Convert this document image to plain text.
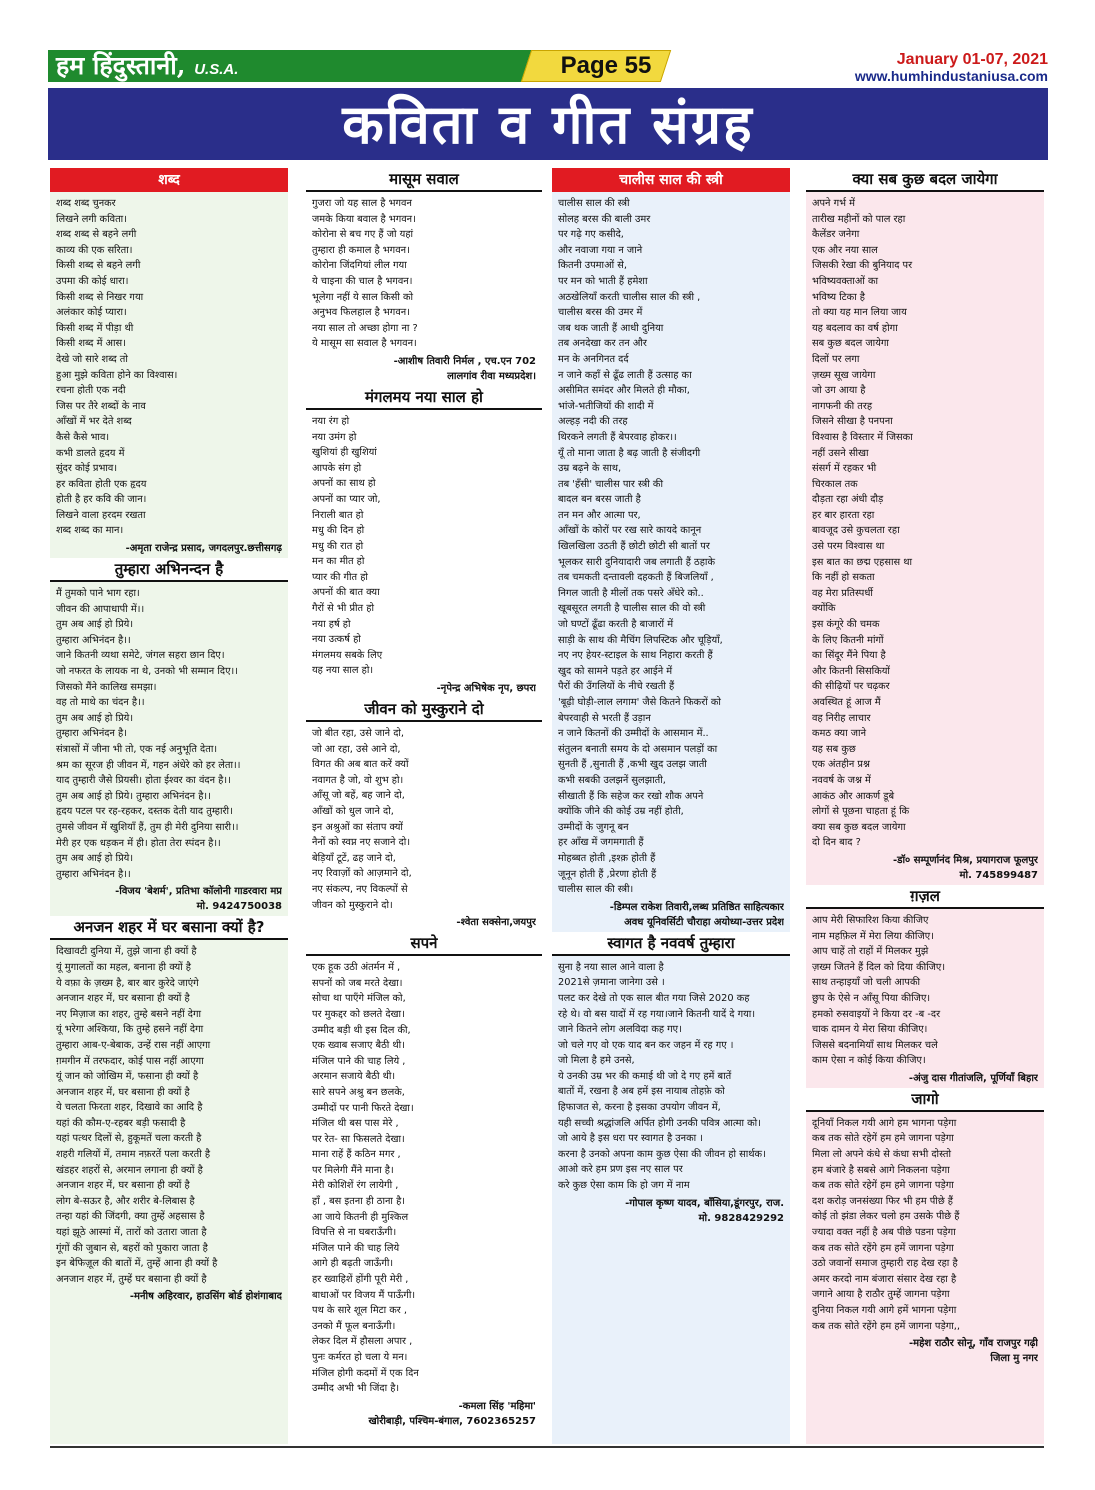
हम हिंदुस्तानी, U.S.A.	Page 55	January 01-07, 2021
www.humhindustaniusa.com
कविता व गीत संग्रह
शब्द
शब्द शब्द चुनकर
लिखने लगी कविता।
शब्द शब्द से बहने लगी
काव्य की एक सरिता।
किसी शब्द से बहने लगी
उपमा की कोई धारा।
किसी शब्द से निखर गया
अलंकार कोई प्यारा।
किसी शब्द में पीड़ा थी
किसी शब्द में आस।
देखे जो सारे शब्द तो
हुआ मुझे कविता होने का विश्वास।
रचना होती एक नदी
जिस पर तैरे शब्दों के नाव
आँखों में भर देते शब्द
कैसे कैसे भाव।
कभी डालते हृदय में
सुंदर कोई प्रभाव।
हर कविता होती एक हृदय
होती है हर कवि की जान।
लिखने वाला हरदम रखता
शब्द शब्द का मान।
-अमृता राजेन्द्र प्रसाद, जगदलपुर.छत्तीसगढ़
तुम्हारा अभिनन्दन है
मैं तुमको पाने भाग रहा।
जीवन की आपाधापी में।।
तुम अब आई हो प्रिये।
तुम्हारा अभिनंदन है।।
जाने कितनी व्यथा समेटे, जंगल सहरा छान दिए।
जो नफरत के लायक ना थे, उनको भी सम्मान दिए।।
जिसको मैंने कालिख समझा।
वह तो माथे का चंदन है।।
तुम अब आई हो प्रिये।
तुम्हारा अभिनंदन है।
संत्रासों में जीना भी तो, एक नई अनुभूति देता।
श्रम का सूरज ही जीवन में, गहन अंधेरे को हर लेता।।
याद तुम्हारी जैसे प्रियसी। होता ईश्वर का वंदन है।।
तुम अब आई हो प्रिये। तुम्हारा अभिनंदन है।।
हृदय पटल पर रह-रहकर, दस्तक देती याद तुम्हारी।
तुमसे जीवन में खुशियाँ हैं, तुम ही मेरी दुनिया सारी।।
मेरी हर एक धड़कन में ही। होता तेरा स्पंदन है।।
तुम अब आई हो प्रिये।
तुम्हारा अभिनंदन है।।
-विजय 'बेशर्म', प्रतिभा कॉलोनी गाडरवारा मप्र
मो. 9424750038
अनजन शहर में घर बसाना क्यों है?
दिखावटी दुनिया में, तुझे जाना ही क्यों है
यूं मुगालतों का महल, बनाना ही क्यों है
ये वफ़ा के ज़ख्म है, बार बार कुरेदे जाएंगे
अनजान शहर में, घर बसाना ही क्यों है
नए मिज़ाज का शहर, तुम्हे बसने नहीं देगा
यूं भरेगा अश्किया, कि तुम्हे हसने नहीं देगा
तुम्हारा आब-ए-बेबाक, उन्हें रास नहीं आएगा
ग़मगीन में तरफदार, कोई पास नहीं आएगा
यूं जान को जोखिम में, फसाना ही क्यों है
अनजान शहर में, घर बसाना ही क्यों है
ये चलता फिरता शहर, दिखावे का आदि है
यहां की कौम-ए-रहबर बड़ी फसादी है
यहां पत्थर दिलों से, हुकूमतें चला करती है
शहरी गलियों में, तमाम नफ़रतें पला करती है
खंडहर शहरों से, अरमान लगाना ही क्यों है
अनजान शहर में, घर बसाना ही क्यों है
लोग बे-सऊर है, और शरीर बे-लिबास है
तन्हा यहां की जिंदगी, क्या तुम्हें अहसास है
यहां झूठे आस्मां में, तारों को उतारा जाता है
गूंगों की जुबान से, बहरों को पुकारा जाता है
इन बेफिज़ूल की बातों में, तुम्हें आना ही क्यों है
अनजान शहर में, तुम्हें घर बसाना ही क्यों है
-मनीष अहिरवार, हाउसिंग बोर्ड होशंगाबाद
मासूम सवाल
गुजरा जो यह साल है भगवन
जमके किया बवाल है भगवन।
कोरोना से बच गए हैं जो यहां
तुम्हारा ही कमाल है भगवन।
कोरोना जिंदगियां लील गया
ये चाइना की चाल है भगवन।
भूलेगा नहीं ये साल किसी को
अनुभव फिलहाल है भगवन।
नया साल तो अच्छा होगा ना ?
ये मासूम सा सवाल है भगवन।
-आशीष तिवारी निर्मल , एच.एन 702
लालगांव रीवा मध्यप्रदेश।
मंगलमय नया साल हो
नया रंग हो
नया उमंग हो
खुशियां ही खुशियां
आपके संग हो
अपनों का साथ हो
अपनों का प्यार जो,
निराली बात हो
मधु की दिन हो
मधु की रात हो
मन का मीत हो
प्यार की गीत हो
अपनों की बात क्या
गैरों से भी प्रीत हो
नया हर्ष हो
नया उत्कर्ष हो
मंगलमय सबके लिए
यह नया साल हो।
-नृपेन्द्र अभिषेक नृप, छपरा
जीवन को मुस्कुराने दो
जो बीत रहा, उसे जाने दो,
जो आ रहा, उसे आने दो,
विगत की अब बात करें क्यों
नवागत है जो, वो शुभ हो।
आँसू जो बहें, बह जाने दो,
आँखों को धुल जाने दो,
इन अश्रुओं का संताप क्यों
नैनों को स्वप्न नए सजाने दो।
बेड़ियाँ टूटें, ढह जाने दो,
नए रिवाज़ों को आज़माने दो,
नए संकल्प, नए विकल्पों से
जीवन को मुस्कुराने दो।
-श्वेता सक्सेना,जयपुर
सपने
एक हूक उठी अंतर्मन में ,
सपनों को जब मरते देखा।
सोचा था पाएँगे मंजिल को,
पर मुकद्दर को छलते देखा।
उम्मीद बड़ी थी इस दिल की,
एक ख्वाब सजाए बैठी थी।
मंजिल पाने की चाह लिये ,
अरमान सजाये बैठी थी।
सारे सपने अश्रु बन छलके,
उम्मीदों पर पानी फिरते देखा।
मंजिल थी बस पास मेरे ,
पर रेत- सा फिसलते देखा।
माना राहें हैं कठिन मगर ,
पर मिलेगी मैंने माना है।
मेरी कोशिशें रंग लायेगी ,
हाँ , बस इतना ही ठाना है।
आ जाये कितनी ही मुश्किल
विपत्ति से ना घबराऊँगी।
मंजिल पाने की चाह लिये
आगे ही बढ़ती जाऊँगी।
हर ख्वाहिशें होंगी पूरी मेरी ,
बाधाओं पर विजय मैं पाऊँगी।
पथ के सारे शूल मिटा कर ,
उनको मैं फूल बनाऊँगी।
लेकर दिल में हौसला अपार ,
पुनः कर्मरत हो चला ये मन।
मंजिल होगी कदमों में एक दिन
उम्मीद अभी भी जिंदा है।
-कमला सिंह 'महिमा'
खोरीबाड़ी, पश्चिम-बंगाल, 7602365257
चालीस साल की स्त्री
चालीस साल की स्त्री
सोलह बरस की बाली उमर
पर गढ़े गए कसीदे,
और नवाजा गया न जाने
कितनी उपमाओं से,
पर मन को भाती हैं हमेशा
अठखेलियाँ करती चालीस साल की स्त्री ,
चालीस बरस की उमर में
जब थक जाती हैं आधी दुनिया
तब अनदेखा कर तन और
मन के अनगिनत दर्द
न जाने कहाँ से ढूँढ लाती हैं उत्साह का
असीमित समंदर और मिलते ही मौका,
भांजे-भतीजियों की शादी में
अल्हड़ नदी की तरह
थिरकने लगती हैं बेपरवाह होकर।।
यूँ तो माना जाता है बढ़ जाती है संजीदगी
उम्र बढ़ने के साथ,
तब 'हँसी' चालीस पार स्त्री की
बादल बन बरस जाती है
तन मन और आत्मा पर,
आँखों के कोरों पर रख सारे कायदे कानून
खिलखिला उठती हैं छोटी छोटी सी बातों पर
भूलकर सारी दुनियादारी जब लगाती हैं ठहाके
तब चमकती दन्तावली दहकती हैं बिजलियाँ ,
निगल जाती है मीलों तक पसरे अँधेरे को..
खूबसूरत लगती है चालीस साल की वो स्त्री
जो घण्टों ढूँढा करती है बाजारों में
साड़ी के साथ की मैचिंग लिपस्टिक और चूड़ियाँ,
नए नए हेयर-स्टाइल के साथ निहारा करती हैं
खुद को सामने पड़ते हर आईने में
पैरों की उँगलियों के नीचे रखती हैं
'बूढ़ी घोड़ी-लाल लगाम' जैसे कितने फिकरों को
बेपरवाही से भरती हैं उड़ान
न जाने कितनों की उम्मीदों के आसमान में..
संतुलन बनाती समय के दो असमान पलड़ों का
सुनती हैं ,सुनाती हैं ,कभी खुद उलझ जाती
कभी सबकी उलझनें सुलझाती,
सीखाती हैं कि सहेज कर रखो शौक अपने
क्योंकि जीने की कोई उम्र नहीं होती,
उम्मीदों के जुगनू बन
हर आँख में जगमगाती हैं
मोहब्बत होती ,इश्क़ होती हैं
जूनून होती हैं ,प्रेरणा होती हैं
चालीस साल की स्त्री।
-डिम्पल राकेश तिवारी,लब्ध प्रतिष्ठित साहित्यकार
अवध यूनिवर्सिटी चौराहा अयोध्या-उत्तर प्रदेश
स्वागत है नववर्ष तुम्हारा
सुना है नया साल आने वाला है
2021से ज़माना जानेगा उसे ।
पलट कर देखे तो एक साल बीत गया जिसे 2020 कह
रहे थे। वो बस यादों में रह गया।जाने कितनी यादें दे गया।
जाने कितने लोग अलविदा कह गए।
जो चले गए वो एक याद बन कर जहन में रह गए ।
जो मिला है हमे उनसे,
ये उनकी उम्र भर की कमाई थी जो दे गए हमें बातें
बातों में, रखना है अब हमें इस नायाब तोहफ़े को
हिफाजत से, करना है इसका उपयोग जीवन में,
यही सच्ची श्रद्धांजलि अर्पित होगी उनकी पवित्र आत्मा को।
जो आये है इस धरा पर स्वागत है उनका ।
करना है उनको अपना काम कुछ ऐसा की जीवन हो सार्थक।
आओ करे हम प्रण इस नए साल पर
करे कुछ ऐसा काम कि हो जग में नाम
-गोपाल कृष्ण यादव, बाँसिया,डूंगरपुर, राज.
मो. 9828429292
क्या सब कुछ बदल जायेगा
अपने गर्भ में
तारीख महीनों को पाल रहा
कैलेंडर जनेगा
एक और नया साल
जिसकी रेखा की बुनियाद पर
भविष्यवक्ताओं का
भविष्य टिका है
तो क्या यह मान लिया जाय
यह बदलाव का वर्ष होगा
सब कुछ बदल जायेगा
दिलों पर लगा
ज़ख्म सूख जायेगा
जो उग आया है
नागफनी की तरह
जिसने सीखा है पनपना
विश्वास है विस्तार में जिसका
नहीं उसने सीखा
संसर्ग में रहकर भी
चिरकाल तक
दौड़ता रहा अंधी दौड़
हर बार हारता रहा
बावजूद उसे कुचलता रहा
उसे परम विश्वास था
इस बात का छद्म एहसास था
कि नहीं हो सकता
वह मेरा प्रतिस्पर्धी
क्योंकि
इस कंगूरे की चमक
के लिए कितनी मांगों
का सिंदूर मैंने पिया है
और कितनी सिसकियों
की सीढ़ियों पर चढ़कर
अवस्थित हूं आज मैं
वह निरीह लाचार
कमठ क्या जाने
यह सब कुछ
एक अंतहीन प्रश्न
नववर्ष के जश्न में
आकंठ और आकर्ण डूबे
लोगों से पूछना चाहता हूं कि
क्या सब कुछ बदल जायेगा
दो दिन बाद ?
-डॉ० सम्पूर्णानंद मिश्र, प्रयागराज फूलपुर
मो. 745899487
ग़ज़ल
आप मेरी सिफारिश किया कीजिए
नाम महफ़िल में मेरा लिया कीजिए।
आप चाहें तो राहों में मिलकर मुझे
ज़ख्म जितने हैं दिल को दिया कीजिए।
साथ तन्हाइयाँ जो चली आपकी
छुप के ऐसे न आँसू पिया कीजिए।
हमको रुसवाइयों ने किया दर -ब -दर
चाक दामन ये मेरा सिया कीजिए।
जिससे बदनामियाँ साथ मिलकर चले
काम ऐसा न कोई किया कीजिए।
-अंजु दास गीतांजलि, पूर्णियाँ बिहार
जागो
दूनियाँ निकल गयी आगे हम भागना पड़ेगा
कब तक सोते रहेगें हम हमे जागना पड़ेगा
मिला लो अपने कंधे से कंधा सभी दोस्तो
हम बंजारे है सबसे आगे निकलना पड़ेगा
कब तक सोते रहेगें हम हमे जागना पड़ेगा
दश करोड़ जनसंख्या फिर भी हम पीछे हैं
कोई तो झंडा लेकर चलो हम उसके पीछे हैं
ज्यादा वक्त नहीं है अब पीछे पडना पड़ेगा
कब तक सोते रहेंगे हम हमें जागना पड़ेगा
उठो जवानों समाज तुम्हारी राह देख रहा है
अमर करदो नाम बंजारा संसार देख रहा है
जगाने आया है राठौर तुम्हें जागना पड़ेगा
दुनिया निकल गयी आगे हमें भागना पड़ेगा
कब तक सोते रहेंगे हम हमें जागना पड़ेगा,,
-महेश राठौर सोनू, गाँव राजपुर गढ़ी
जिला मु नगर
